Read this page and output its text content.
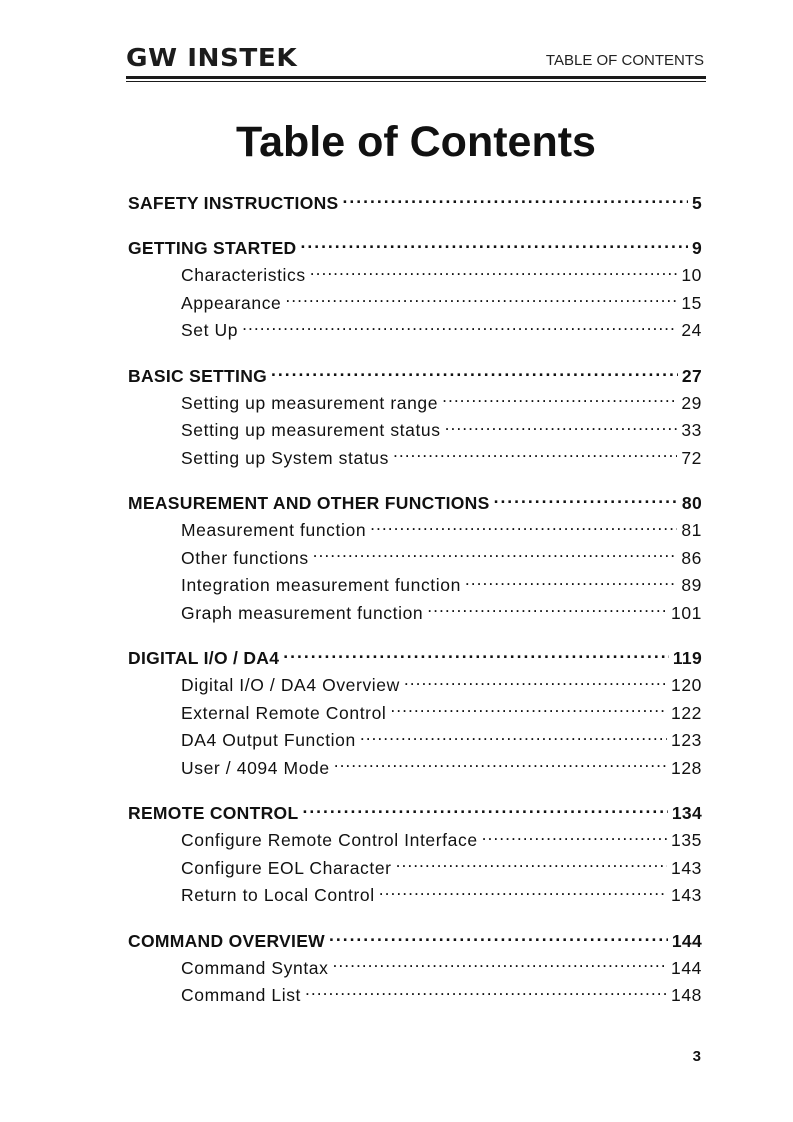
GW INSTEK	TABLE OF CONTENTS
Table of Contents
SAFETY INSTRUCTIONS .....	5
GETTING STARTED .....	9
Characteristics .....	10
Appearance .....	15
Set Up .....	24
BASIC SETTING .....	27
Setting up measurement range .....	29
Setting up measurement status .....	33
Setting up System status .....	72
MEASUREMENT AND OTHER FUNCTIONS .....	80
Measurement function .....	81
Other functions .....	86
Integration measurement function .....	89
Graph measurement function .....	101
DIGITAL I/O / DA4 .....	119
Digital I/O / DA4 Overview .....	120
External Remote Control .....	122
DA4 Output Function .....	123
User / 4094 Mode .....	128
REMOTE CONTROL .....	134
Configure Remote Control Interface .....	135
Configure EOL Character .....	143
Return to Local Control .....	143
COMMAND OVERVIEW .....	144
Command Syntax .....	144
Command List .....	148
3
